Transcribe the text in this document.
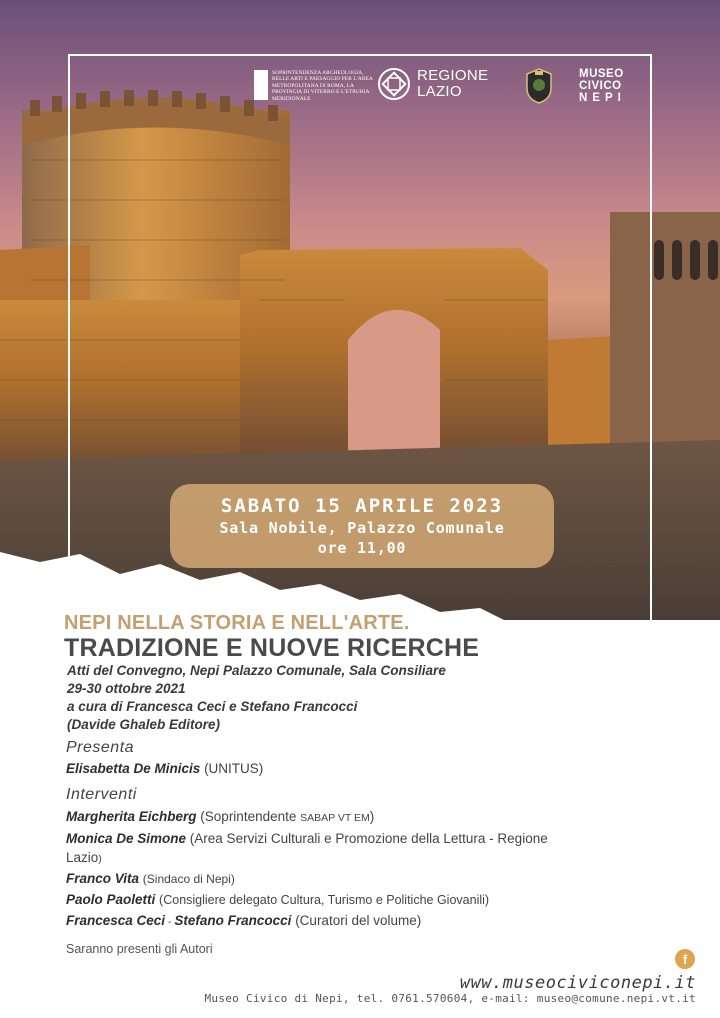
SOPRINTENDENZA ARCHEOLOGIA, BELLE ARTI E PAESAGGIO PER L'AREA METROPOLITANA DI ROMA, LA PROVINCIA DI VITERBO E L'ETRURIA MERIDIONALE
REGIONE
LAZIO
MUSEO
CIVICO
NEPI
SABATO 15 APRILE 2023
Sala Nobile, Palazzo Comunale
ore 11,00
NEPI NELLA STORIA E NELL'ARTE.
TRADIZIONE E NUOVE RICERCHE
Atti del Convegno, Nepi Palazzo Comunale, Sala Consiliare
29-30 ottobre 2021
a cura di Francesca Ceci e Stefano Francocci
(Davide Ghaleb Editore)
Presenta
Elisabetta De Minicis (UNITUS)
Interventi
Margherita Eichberg (Soprintendente SABAP VT EM)
Monica De Simone (Area Servizi Culturali e Promozione della Lettura - Regione
Lazio)
Franco Vita (Sindaco di Nepi)
Paolo Paoletti (Consigliere delegato Cultura, Turismo e Politiche Giovanili)
Francesca Ceci - Stefano Francocci (Curatori del volume)
Saranno presenti gli Autori
f
www.museociviconepi.it
Museo Civico di Nepi, tel. 0761.570604, e-mail: museo@comune.nepi.vt.it
